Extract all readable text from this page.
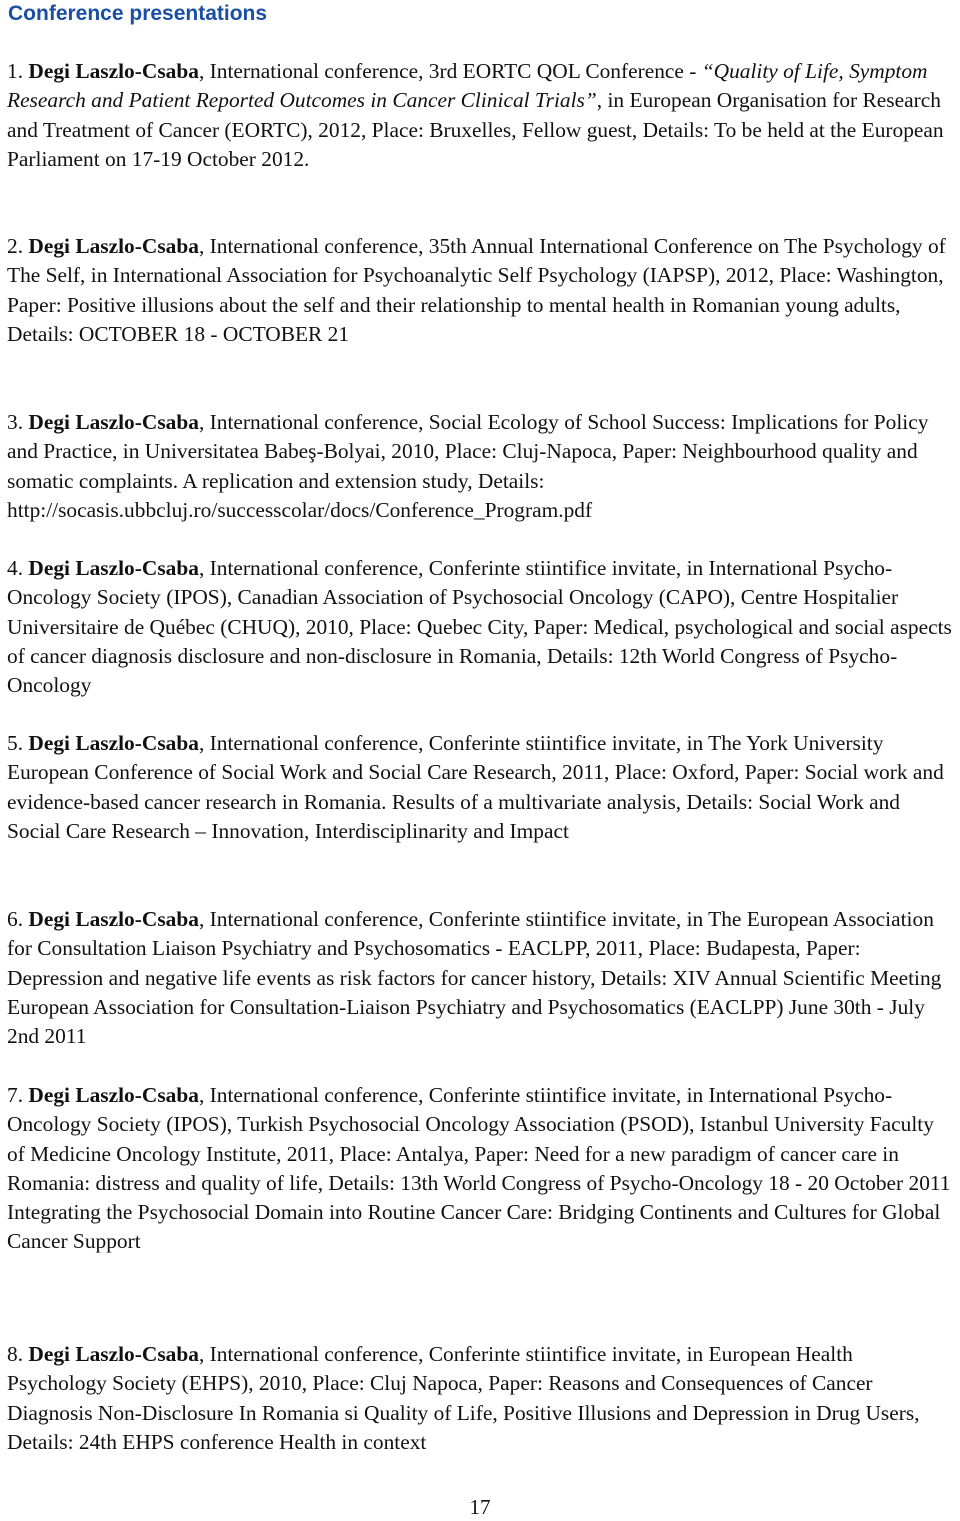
Conference presentations

1. Degi Laszlo-Csaba, International conference, 3rd EORTC QOL Conference - “Quality of Life, Symptom Research and Patient Reported Outcomes in Cancer Clinical Trials”, in European Organisation for Research and Treatment of Cancer (EORTC), 2012, Place: Bruxelles, Fellow guest, Details: To be held at the European Parliament on 17-19 October 2012.

2. Degi Laszlo-Csaba, International conference, 35th Annual International Conference on The Psychology of The Self, in International Association for Psychoanalytic Self Psychology (IAPSP), 2012, Place: Washington, Paper: Positive illusions about the self and their relationship to mental health in Romanian young adults, Details: OCTOBER 18 - OCTOBER 21

3. Degi Laszlo-Csaba, International conference, Social Ecology of School Success: Implications for Policy and Practice, in Universitatea Babeş-Bolyai, 2010, Place: Cluj-Napoca, Paper: Neighbourhood quality and somatic complaints. A replication and extension study, Details: http://socasis.ubbcluj.ro/successcolar/docs/Conference_Program.pdf

4. Degi Laszlo-Csaba, International conference, Conferinte stiintifice invitate, in International Psycho-Oncology Society (IPOS), Canadian Association of Psychosocial Oncology (CAPO), Centre Hospitalier Universitaire de Québec (CHUQ), 2010, Place: Quebec City, Paper: Medical, psychological and social aspects of cancer diagnosis disclosure and non-disclosure in Romania, Details: 12th World Congress of Psycho- Oncology

5. Degi Laszlo-Csaba, International conference, Conferinte stiintifice invitate, in The York University European Conference of Social Work and Social Care Research, 2011, Place: Oxford, Paper: Social work and evidence-based cancer research in Romania. Results of a multivariate analysis, Details: Social Work and Social Care Research – Innovation, Interdisciplinarity and Impact

6. Degi Laszlo-Csaba, International conference, Conferinte stiintifice invitate, in The European Association for Consultation Liaison Psychiatry and Psychosomatics - EACLPP, 2011, Place: Budapesta, Paper: Depression and negative life events as risk factors for cancer history, Details: XIV Annual Scientific Meeting European Association for Consultation-Liaison Psychiatry and Psychosomatics (EACLPP) June 30th - July 2nd 2011

7. Degi Laszlo-Csaba, International conference, Conferinte stiintifice invitate, in International Psycho-Oncology Society (IPOS), Turkish Psychosocial Oncology Association (PSOD), Istanbul University Faculty of Medicine Oncology Institute, 2011, Place: Antalya, Paper: Need for a new paradigm of cancer care in Romania: distress and quality of life, Details: 13th World Congress of Psycho-Oncology 18 - 20 October 2011 Integrating the Psychosocial Domain into Routine Cancer Care: Bridging Continents and Cultures for Global Cancer Support

8. Degi Laszlo-Csaba, International conference, Conferinte stiintifice invitate, in European Health Psychology Society (EHPS), 2010, Place: Cluj Napoca, Paper: Reasons and Consequences of Cancer Diagnosis Non-Disclosure In Romania si Quality of Life, Positive Illusions and Depression in Drug Users, Details: 24th EHPS conference Health in context

17
